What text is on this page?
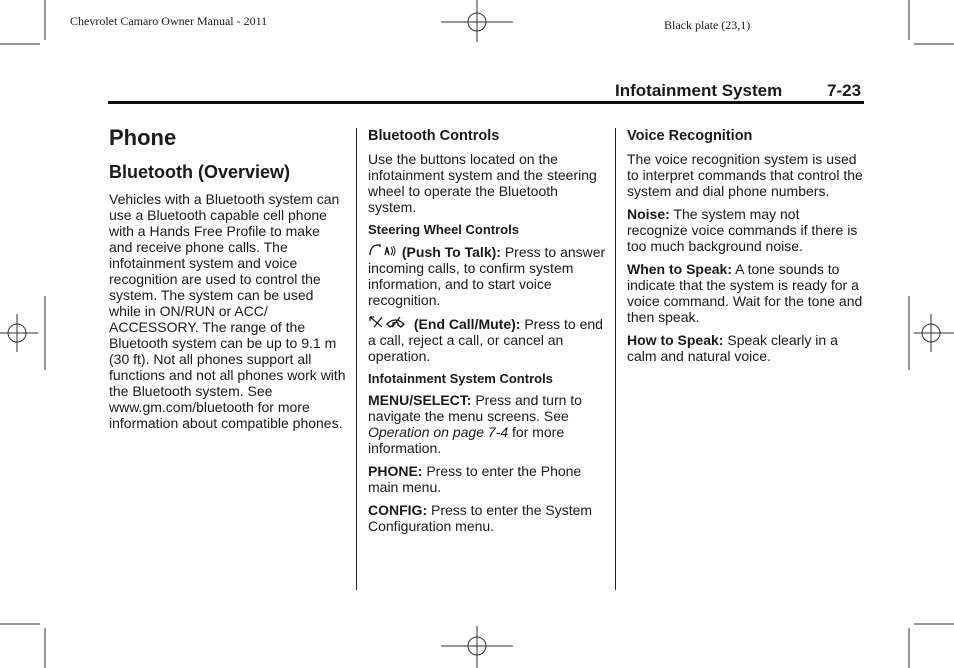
Chevrolet Camaro Owner Manual - 2011	Black plate (23,1)
Infotainment System	7-23
Phone
Bluetooth (Overview)

Vehicles with a Bluetooth system can use a Bluetooth capable cell phone with a Hands Free Profile to make and receive phone calls. The infotainment system and voice recognition are used to control the system. The system can be used while in ON/RUN or ACC/ ACCESSORY. The range of the Bluetooth system can be up to 9.1 m (30 ft). Not all phones support all functions and not all phones work with the Bluetooth system. See www.gm.com/bluetooth for more information about compatible phones.

Bluetooth Controls

Use the buttons located on the infotainment system and the steering wheel to operate the Bluetooth system.

Steering Wheel Controls

(Push To Talk): Press to answer incoming calls, to confirm system information, and to start voice recognition.

(End Call/Mute): Press to end a call, reject a call, or cancel an operation.

Infotainment System Controls

MENU/SELECT: Press and turn to navigate the menu screens. See Operation on page 7-4 for more information.

PHONE: Press to enter the Phone main menu.

CONFIG: Press to enter the System Configuration menu.

Voice Recognition

The voice recognition system is used to interpret commands that control the system and dial phone numbers.

Noise: The system may not recognize voice commands if there is too much background noise.

When to Speak: A tone sounds to indicate that the system is ready for a voice command. Wait for the tone and then speak.

How to Speak: Speak clearly in a calm and natural voice.
